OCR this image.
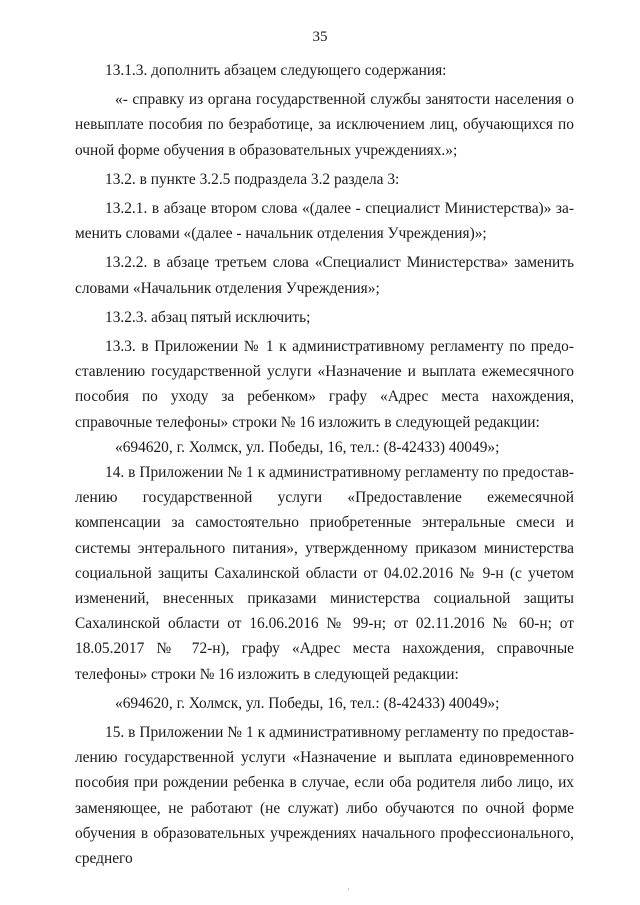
35

13.1.3. дополнить абзацем следующего содержания:

«- справку из органа государственной службы занятости населения о невыплате пособия по безработице, за исключением лиц, обучающихся по очной форме обучения в образовательных учреждениях.»;

13.2. в пункте 3.2.5 подраздела 3.2 раздела 3:

13.2.1. в абзаце втором слова «(далее - специалист Министерства)» заменить словами «(далее - начальник отделения Учреждения)»;

13.2.2. в абзаце третьем слова «Специалист Министерства» заменить словами «Начальник отделения Учреждения»;

13.2.3. абзац пятый исключить;

13.3. в Приложении № 1 к административному регламенту по предоставлению государственной услуги «Назначение и выплата ежемесячного пособия по уходу за ребенком» графу «Адрес места нахождения, справочные телефоны» строки № 16 изложить в следующей редакции:

«694620, г. Холмск, ул. Победы, 16, тел.: (8-42433) 40049»;

14. в Приложении № 1 к административному регламенту по предоставлению государственной услуги «Предоставление ежемесячной компенсации за самостоятельно приобретенные энтеральные смеси и системы энтерального питания», утвержденному приказом министерства социальной защиты Сахалинской области от 04.02.2016 № 9-н (с учетом изменений, внесенных приказами министерства социальной защиты Сахалинской области от 16.06.2016 № 99-н; от 02.11.2016 № 60-н; от 18.05.2017 № 72-н), графу «Адрес места нахождения, справочные телефоны» строки № 16 изложить в следующей редакции:

«694620, г. Холмск, ул. Победы, 16, тел.: (8-42433) 40049»;

15. в Приложении № 1 к административному регламенту по предоставлению государственной услуги «Назначение и выплата единовременного пособия при рождении ребенка в случае, если оба родителя либо лицо, их заменяющее, не работают (не служат) либо обучаются по очной форме обучения в образовательных учреждениях начального профессионального, среднего

·
